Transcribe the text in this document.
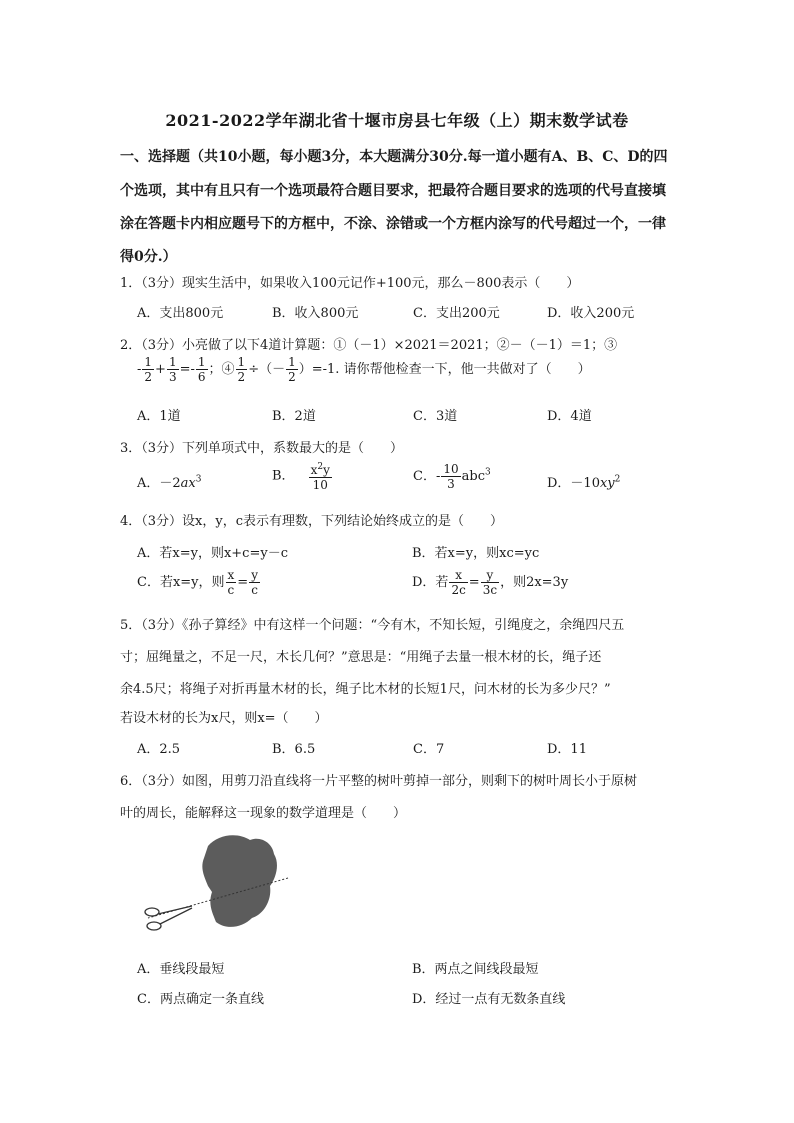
2021-2022学年湖北省十堰市房县七年级（上）期末数学试卷
一、选择题（共10小题，每小题3分，本大题满分30分.每一道小题有A、B、C、D的四
个选项，其中有且只有一个选项最符合题目要求，把最符合题目要求的选项的代号直接填
涂在答题卡内相应题号下的方框中，不涂、涂错或一个方框内涂写的代号超过一个，一律
得0分.）
1．（3分）现实生活中，如果收入100元记作+100元，那么－800表示（　　）
A．支出800元	B．收入800元	C．支出200元	D．收入200元
2．（3分）小亮做了以下4道计算题：①（－1）×2021＝2021；②－（－1）＝1；③
- $\frac{1}{2} + \frac{1}{3} =- \frac{1}{6}$ ；④ $\frac{1}{2}$ ÷（－ $\frac{1}{2} )=-1$. 请你帮他检查一下，他一共做对了（　　）
A．1道	B．2道	C．3道	D．4道
3．（3分）下列单项式中，系数最大的是（　　）
A．$-2ax^3$	B． $\frac{x^2y}{10}$	C．- $\frac{10}{3} abc^3$
D．$-10xy^2$
4．（3分）设x，y，c表示有理数，下列结论始终成立的是（　　）
A．若x=y，则x+c=y－c	B．若x=y，则xc=yc
C．若x=y，则 $\frac{x}{c} = \frac{y}{c}$	D．若 $\frac{x}{2c} = \frac{y}{3c}$ ，则2x=3y
5．（3分）《孙子算经》中有这样一个问题：“今有木，不知长短，引绳度之，余绳四尺五
寸；屈绳量之，不足一尺，木长几何？”意思是：“用绳子去量一根木材的长，绳子还
余4.5尺；将绳子对折再量木材的长，绳子比木材的长短1尺，问木材的长为多少尺？”
若设木材的长为x尺，则x=（　　）
A．2.5	B．6.5	C．7	D．11
6．（3分）如图，用剪刀沿直线将一片平整的树叶剪掉一部分，则剩下的树叶周长小于原树
叶的周长，能解释这一现象的数学道理是（　　）
A．垂线段最短	B．两点之间线段最短
C．两点确定一条直线	D．经过一点有无数条直线
